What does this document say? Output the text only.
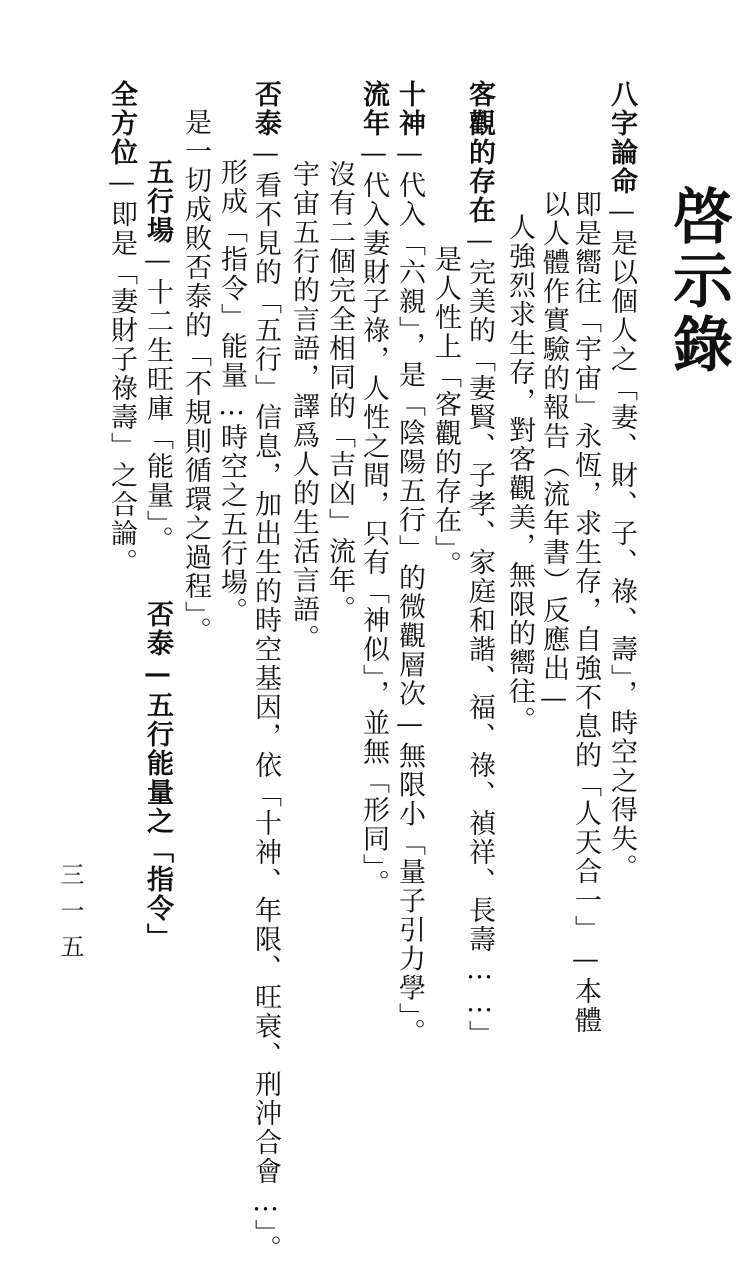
啓示錄
八字論命—是以個人之「妻、財、子、祿、壽」，時空之得失。
即是嚮往「宇宙」永恆，求生存，自強不息的「人天合一」—本體
以人體作實驗的報告（流年書）反應出—
人強烈求生存，對客觀美，無限的嚮往。
客觀的存在—完美的「妻賢、子孝、家庭和諧、福、祿、禎祥、長壽……」
是人性上「客觀的存在」。
十神—代入「六親」，是「陰陽五行」的微觀層次—無限小「量子引力學」。
流年—代入妻財子祿，人性之間，只有「神似」，並無「形同」。
沒有二個完全相同的「吉凶」流年。
宇宙五行的言語，譯爲人的生活言語。
否泰—看不見的「五行」信息，加出生的時空基因，依「十神、年限、旺衰、刑沖合會…」。
形成「指令」能量…時空之五行場。
是一切成敗否泰的「不規則循環之過程」。
五行場—十二生旺庫「能量」。
否泰—五行能量之「指令」
全方位—即是「妻財子祿壽」之合論。
三一五
